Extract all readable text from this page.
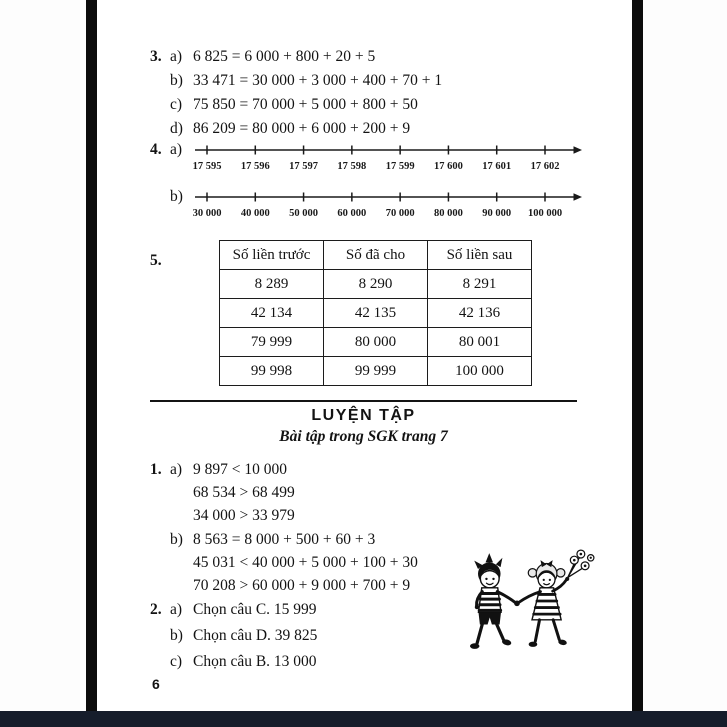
3. a) 6 825 = 6 000 + 800 + 20 + 5
b) 33 471 = 30 000 + 3 000 + 400 + 70 + 1
c) 75 850 = 70 000 + 5 000 + 800 + 50
d) 86 209 = 80 000 + 6 000 + 200 + 9
4. a)
17 595 17 596 17 597 17 598 17 599 17 600 17 601 17 602
b)
30 000 40 000 50 000 60 000 70 000 80 000 90 000 100 000
5.	Số liền trước	Số đã cho	Số liền sau
8 289	8 290	8 291
42 134	42 135	42 136
79 999	80 000	80 001
99 998	99 999	100 000
LUYỆN TẬP
Bài tập trong SGK trang 7
1. a) 9 897 < 10 000
68 534 > 68 499
34 000 > 33 979
b) 8 563 = 8 000 + 500 + 60 + 3
45 031 < 40 000 + 5 000 + 100 + 30
70 208 > 60 000 + 9 000 + 700 + 9
2. a) Chọn câu C. 15 999
b) Chọn câu D. 39 825
c) Chọn câu B. 13 000
6
